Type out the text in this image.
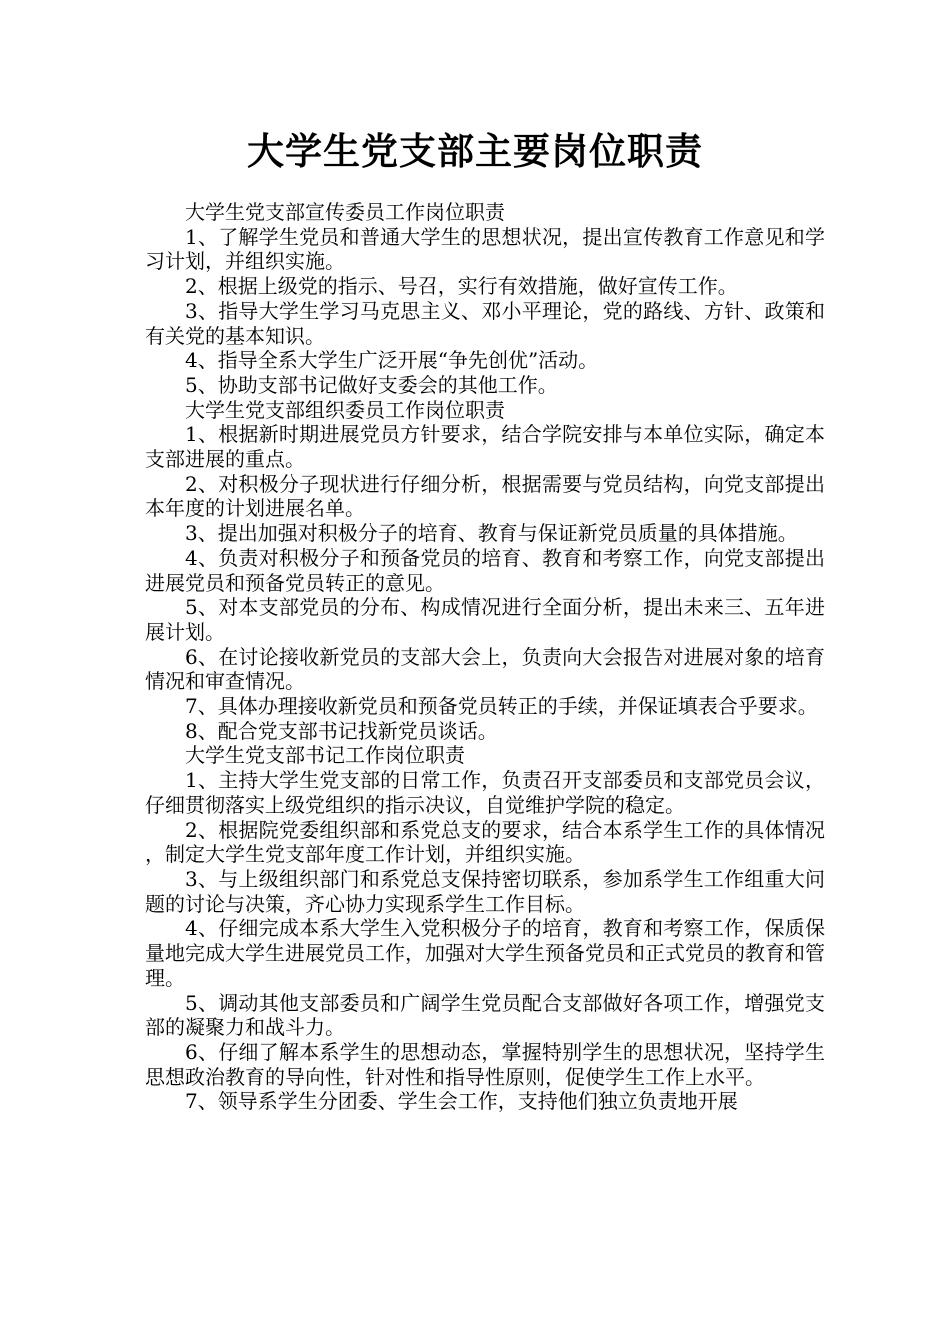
大学生党支部主要岗位职责

大学生党支部宣传委员工作岗位职责

1、了解学生党员和普通大学生的思想状况，提出宣传教育工作意见和学习计划，并组织实施。

2、根据上级党的指示、号召，实行有效措施，做好宣传工作。

3、指导大学生学习马克思主义、邓小平理论，党的路线、方针、政策和有关党的基本知识。

4、指导全系大学生广泛开展“争先创优”活动。

5、协助支部书记做好支委会的其他工作。

大学生党支部组织委员工作岗位职责

1、根据新时期进展党员方针要求，结合学院安排与本单位实际，确定本支部进展的重点。

2、对积极分子现状进行仔细分析，根据需要与党员结构，向党支部提出本年度的计划进展名单。

3、提出加强对积极分子的培育、教育与保证新党员质量的具体措施。

4、负责对积极分子和预备党员的培育、教育和考察工作，向党支部提出进展党员和预备党员转正的意见。

5、对本支部党员的分布、构成情况进行全面分析，提出未来三、五年进展计划。

6、在讨论接收新党员的支部大会上，负责向大会报告对进展对象的培育情况和审查情况。

7、具体办理接收新党员和预备党员转正的手续，并保证填表合乎要求。

8、配合党支部书记找新党员谈话。

大学生党支部书记工作岗位职责

1、主持大学生党支部的日常工作，负责召开支部委员和支部党员会议，仔细贯彻落实上级党组织的指示决议，自觉维护学院的稳定。

2、根据院党委组织部和系党总支的要求，结合本系学生工作的具体情况，制定大学生党支部年度工作计划，并组织实施。

3、与上级组织部门和系党总支保持密切联系，参加系学生工作组重大问题的讨论与决策，齐心协力实现系学生工作目标。

4、仔细完成本系大学生入党积极分子的培育，教育和考察工作，保质保量地完成大学生进展党员工作，加强对大学生预备党员和正式党员的教育和管理。

5、调动其他支部委员和广阔学生党员配合支部做好各项工作，增强党支部的凝聚力和战斗力。

6、仔细了解本系学生的思想动态，掌握特别学生的思想状况，坚持学生思想政治教育的导向性，针对性和指导性原则，促使学生工作上水平。

7、领导系学生分团委、学生会工作，支持他们独立负责地开展
